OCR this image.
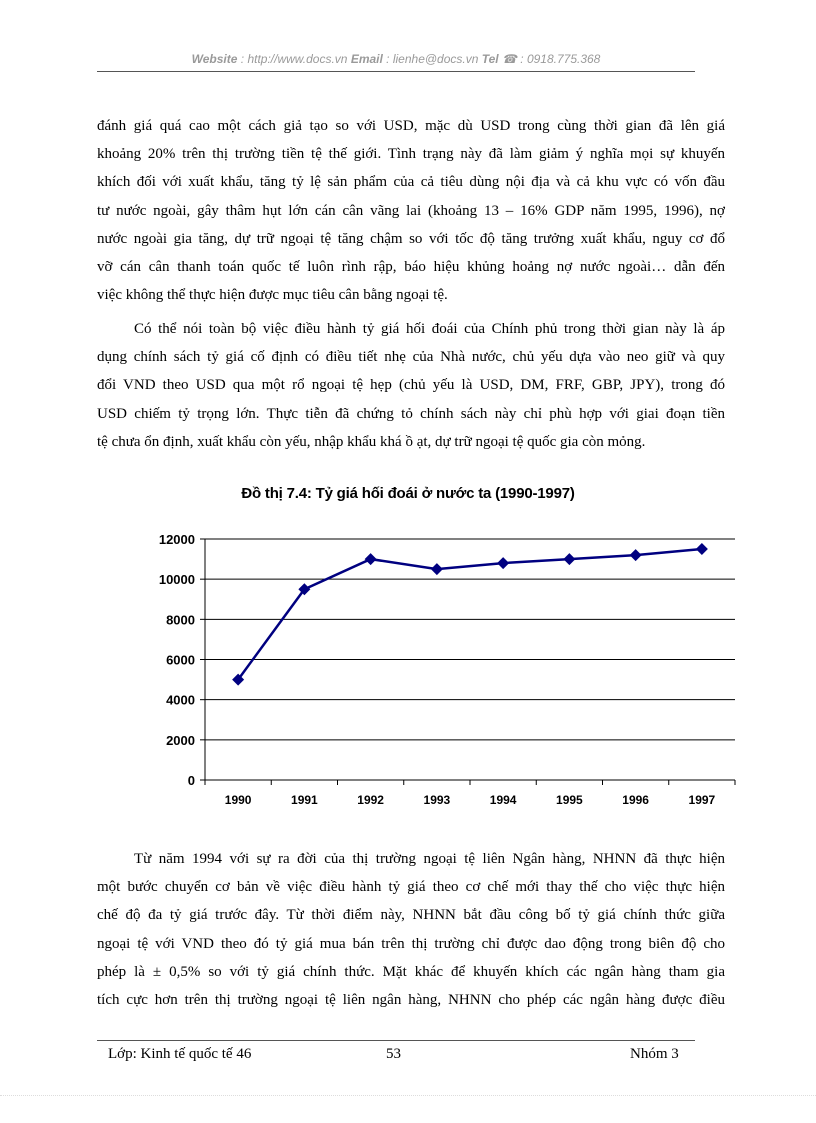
Website : http://www.docs.vn Email : lienhe@docs.vn Tel ☎ : 0918.775.368
đánh giá quá cao một cách giả tạo so với USD, mặc dù USD trong cùng thời gian đã lên giá
khoảng 20% trên thị trường tiền tệ thế giới. Tình trạng này đã làm giảm ý nghĩa mọi sự khuyến
khích đối với xuất khẩu, tăng tỷ lệ sản phẩm của cả tiêu dùng nội địa và cả khu vực có vốn đầu
tư nước ngoài, gây thâm hụt lớn cán cân vãng lai (khoảng 13 – 16% GDP năm 1995, 1996), nợ
nước ngoài gia tăng, dự trữ ngoại tệ tăng chậm so với tốc độ tăng trưởng xuất khẩu, nguy cơ đổ
vỡ cán cân thanh toán quốc tế luôn rình rập, báo hiệu khủng hoảng nợ nước ngoài… dẫn đến
việc không thể thực hiện được mục tiêu cân bằng ngoại tệ.
Có thể nói toàn bộ việc điều hành tỷ giá hối đoái của Chính phủ trong thời gian này là áp
dụng chính sách tỷ giá cố định có điều tiết nhẹ của Nhà nước, chủ yếu dựa vào neo giữ và quy
đổi VND theo USD qua một rổ ngoại tệ hẹp (chủ yếu là USD, DM, FRF, GBP, JPY), trong đó
USD chiếm tỷ trọng lớn. Thực tiễn đã chứng tỏ chính sách này chỉ phù hợp với giai đoạn tiền
tệ chưa ổn định, xuất khẩu còn yếu, nhập khẩu khá ồ ạt, dự trữ ngoại tệ quốc gia còn mỏng.
Đồ thị 7.4: Tỷ giá hối đoái ở nước ta (1990-1997)
0
2000
4000
6000
8000
10000
12000
1990	1991	1992	1993	1994	1995	1996	1997
Từ năm 1994 với sự ra đời của thị trường ngoại tệ liên Ngân hàng, NHNN đã thực hiện
một bước chuyển cơ bản về việc điều hành tỷ giá theo cơ chế mới thay thế cho việc thực hiện
chế độ đa tỷ giá trước đây. Từ thời điểm này, NHNN bắt đầu công bố tỷ giá chính thức giữa
ngoại tệ với VND theo đó tỷ giá mua bán trên thị trường chỉ được dao động trong biên độ cho
phép là ± 0,5% so với tỷ giá chính thức. Mặt khác để khuyến khích các ngân hàng tham gia
tích cực hơn trên thị trường ngoại tệ liên ngân hàng, NHNN cho phép các ngân hàng được điều
Lớp: Kinh tế quốc tế 46	53	Nhóm 3
